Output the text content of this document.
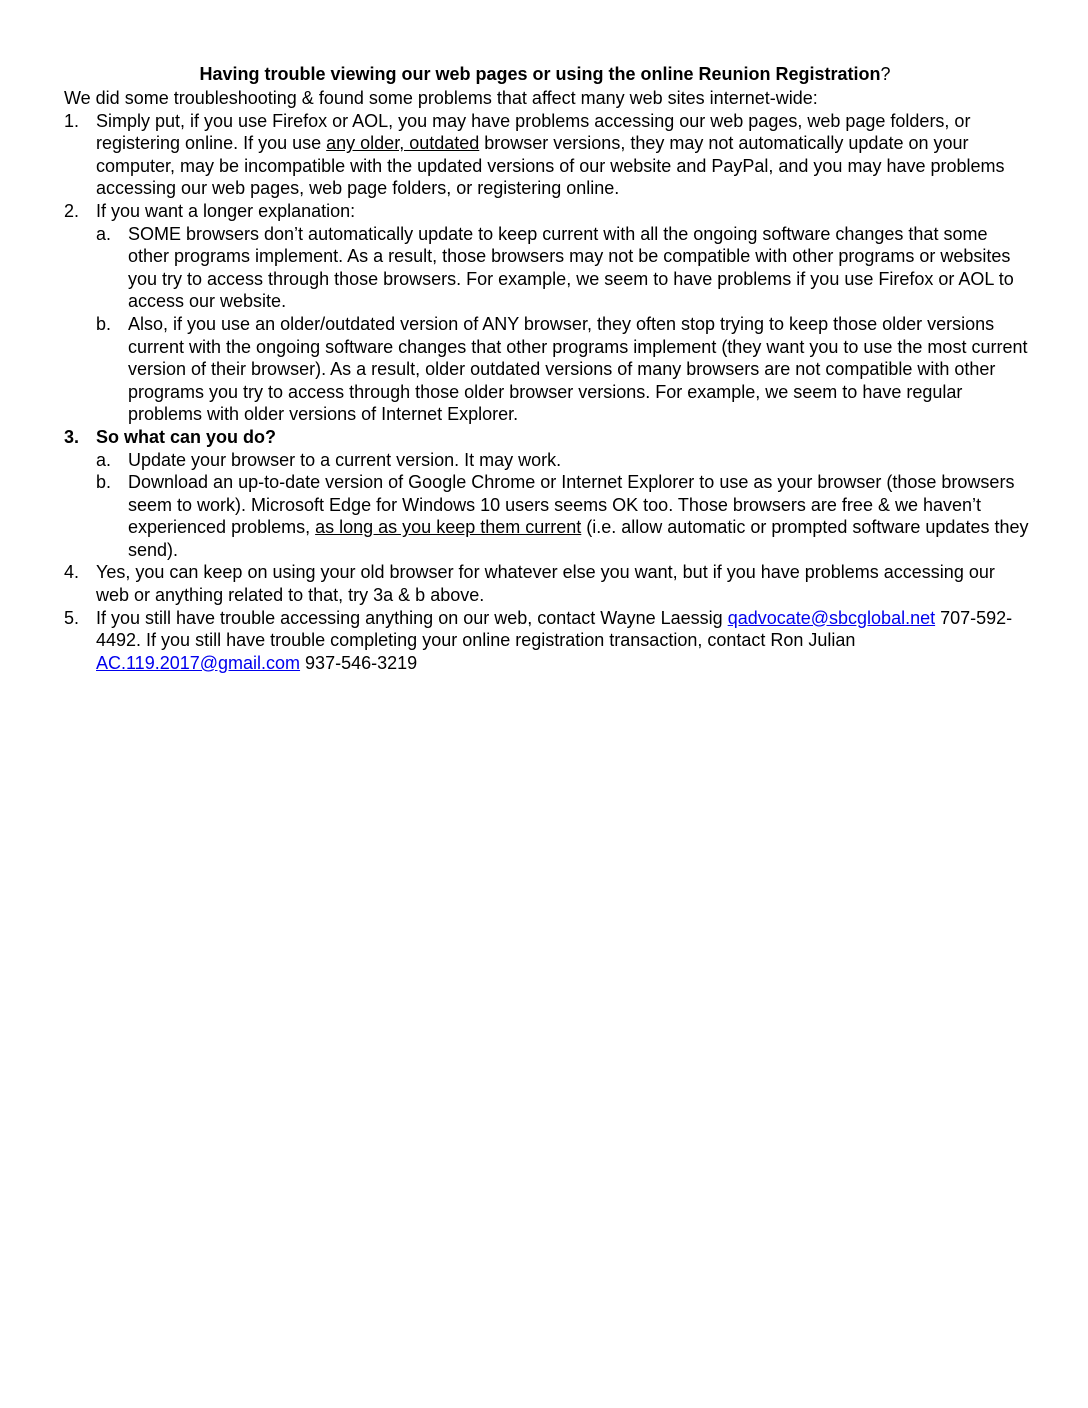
Having trouble viewing our web pages or using the online Reunion Registration?

We did some troubleshooting & found some problems that affect many web sites internet-wide:

1. Simply put, if you use Firefox or AOL, you may have problems accessing our web pages, web page folders, or registering online. If you use any older, outdated browser versions, they may not automatically update on your computer, may be incompatible with the updated versions of our website and PayPal, and you may have problems accessing our web pages, web page folders, or registering online.
2. If you want a longer explanation:
a. SOME browsers don’t automatically update to keep current with all the ongoing software changes that some other programs implement. As a result, those browsers may not be compatible with other programs or websites you try to access through those browsers. For example, we seem to have problems if you use Firefox or AOL to access our website.
b. Also, if you use an older/outdated version of ANY browser, they often stop trying to keep those older versions current with the ongoing software changes that other programs implement (they want you to use the most current version of their browser). As a result, older outdated versions of many browsers are not compatible with other programs you try to access through those older browser versions. For example, we seem to have regular problems with older versions of Internet Explorer.
3. So what can you do?
a. Update your browser to a current version. It may work.
b. Download an up-to-date version of Google Chrome or Internet Explorer to use as your browser (those browsers seem to work). Microsoft Edge for Windows 10 users seems OK too. Those browsers are free & we haven’t experienced problems, as long as you keep them current (i.e. allow automatic or prompted software updates they send).
4. Yes, you can keep on using your old browser for whatever else you want, but if you have problems accessing our web or anything related to that, try 3a & b above.
5. If you still have trouble accessing anything on our web, contact Wayne Laessig qadvocate@sbcglobal.net 707-592-4492. If you still have trouble completing your online registration transaction, contact Ron Julian AC.119.2017@gmail.com 937-546-3219
